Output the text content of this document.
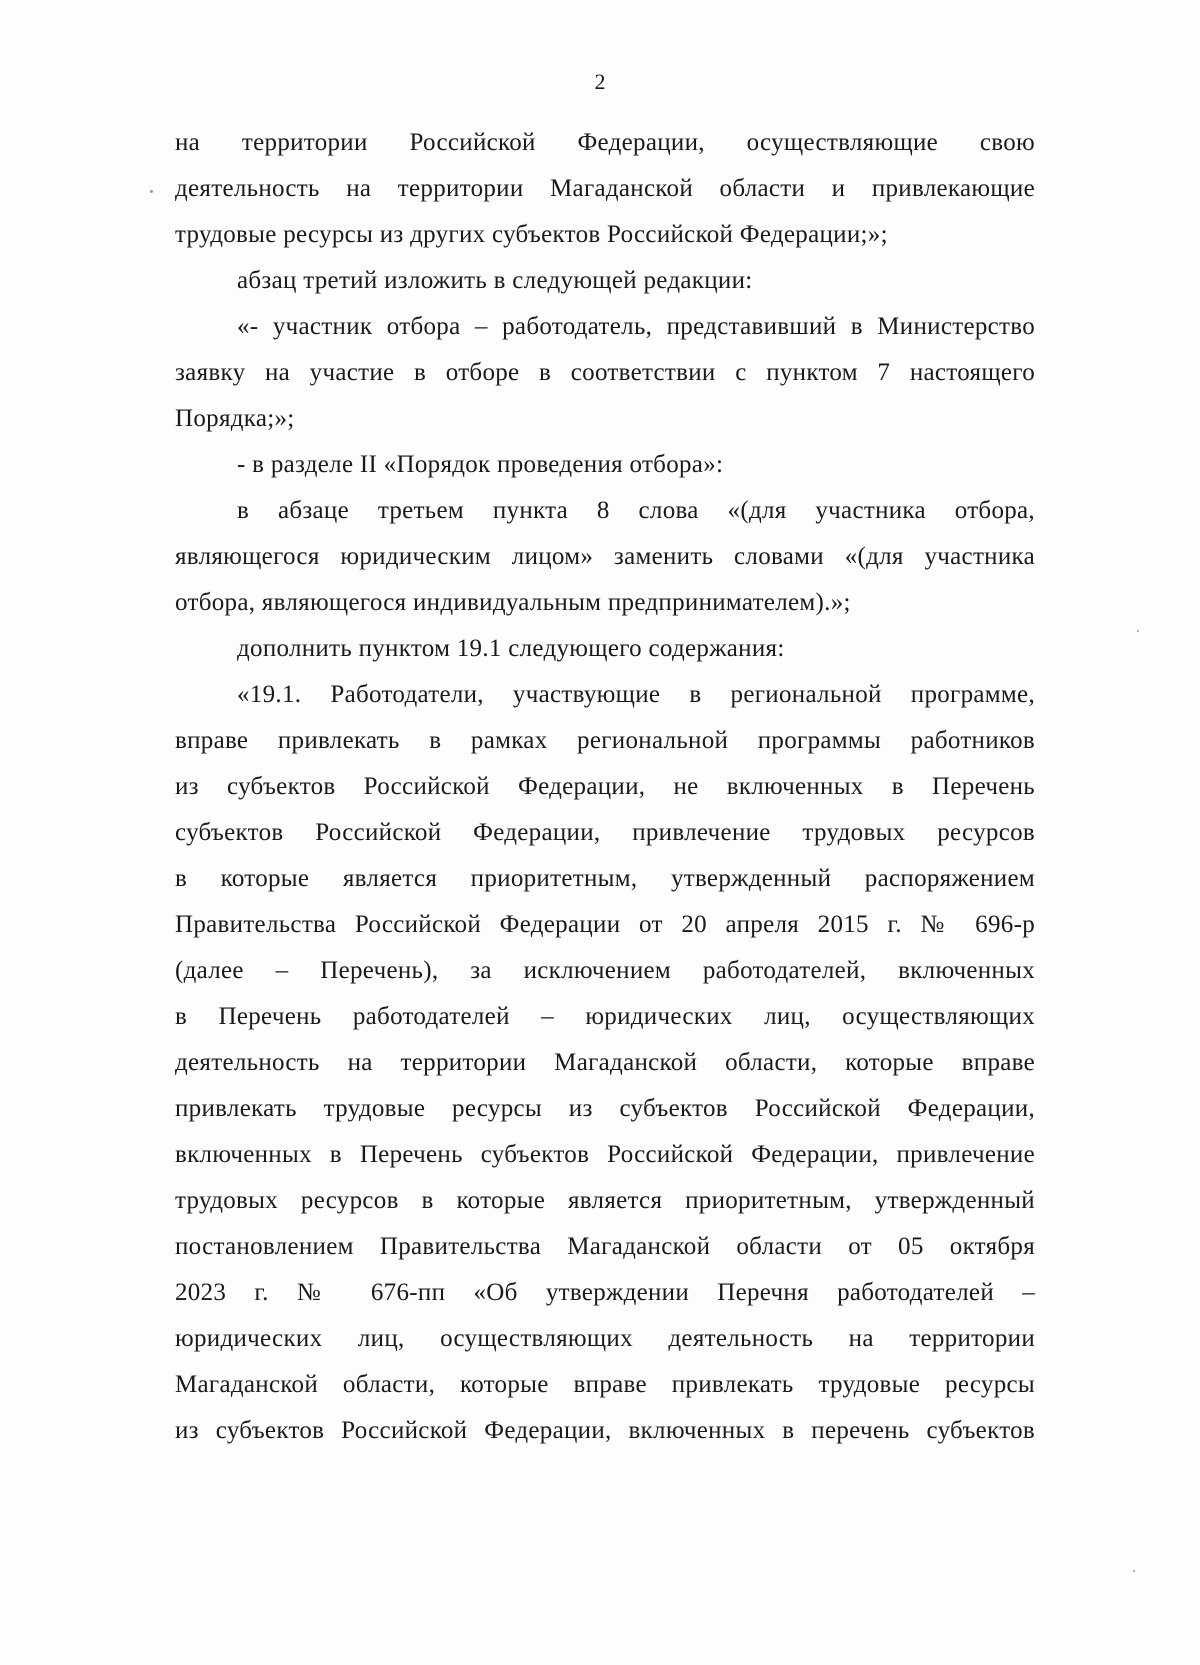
2
на территории Российской Федерации, осуществляющие свою
деятельность на территории Магаданской области и привлекающие
трудовые ресурсы из других субъектов Российской Федерации;»;
абзац третий изложить в следующей редакции:
«- участник отбора – работодатель, представивший в Министерство
заявку на участие в отборе в соответствии с пунктом 7 настоящего
Порядка;»;
- в разделе II «Порядок проведения отбора»:
в абзаце третьем пункта 8 слова «(для участника отбора,
являющегося юридическим лицом» заменить словами «(для участника
отбора, являющегося индивидуальным предпринимателем).»;
дополнить пунктом 19.1 следующего содержания:
«19.1. Работодатели, участвующие в региональной программе,
вправе привлекать в рамках региональной программы работников
из субъектов Российской Федерации, не включенных в Перечень
субъектов Российской Федерации, привлечение трудовых ресурсов
в которые является приоритетным, утвержденный распоряжением
Правительства Российской Федерации от 20 апреля 2015 г. № 696-р
(далее – Перечень), за исключением работодателей, включенных
в Перечень работодателей – юридических лиц, осуществляющих
деятельность на территории Магаданской области, которые вправе
привлекать трудовые ресурсы из субъектов Российской Федерации,
включенных в Перечень субъектов Российской Федерации, привлечение
трудовых ресурсов в которые является приоритетным, утвержденный
постановлением Правительства Магаданской области от 05 октября
2023 г. № 676-пп «Об утверждении Перечня работодателей –
юридических лиц, осуществляющих деятельность на территории
Магаданской области, которые вправе привлекать трудовые ресурсы
из субъектов Российской Федерации, включенных в перечень субъектов
